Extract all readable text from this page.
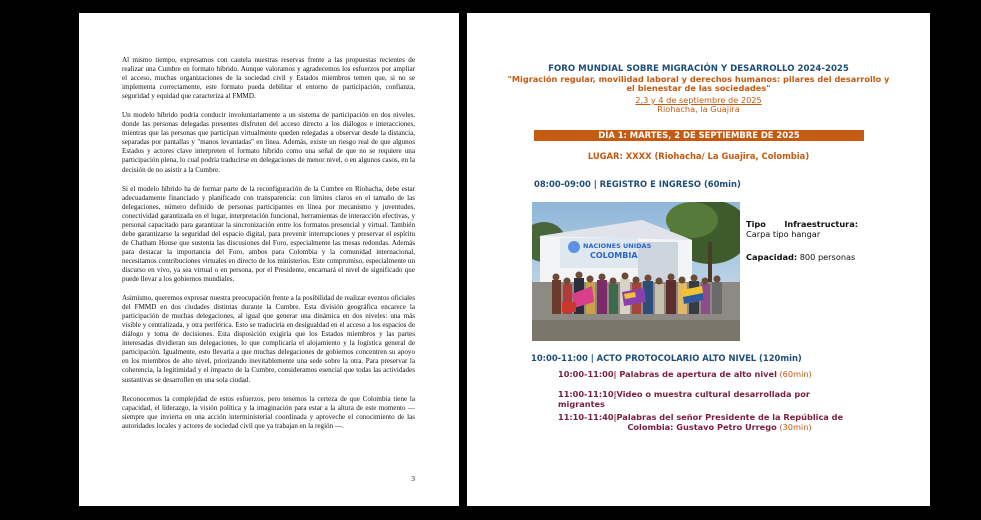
Al mismo tiempo, expresamos con cautela nuestras reservas frente a las propuestas recientes de realizar una Cumbre en formato híbrido. Aunque valoramos y agradecemos los esfuerzos por ampliar el acceso, muchas organizaciones de la sociedad civil y Estados miembros temen que, si no se implementa correctamente, este formato pueda debilitar el entorno de participación, confianza, seguridad y equidad que caracteriza al FMMD.

Un modelo híbrido podría conducir involuntariamente a un sistema de participación en dos niveles, donde las personas delegadas presentes disfruten del acceso directo a los diálogos e interacciones, mientras que las personas que participan virtualmente queden relegadas a observar desde la distancia, separadas por pantallas y "manos levantadas" en línea. Además, existe un riesgo real de que algunos Estados y actores clave interpreten el formato híbrido como una señal de que no se requiere una participación plena, lo cual podría traducirse en delegaciones de menor nivel, o en algunos casos, en la decisión de no asistir a la Cumbre.

Si el modelo híbrido ha de formar parte de la reconfiguración de la Cumbre en Riohacha, debe estar adecuadamente financiado y planificado con transparencia: con límites claros en el tamaño de las delegaciones, número definido de personas participantes en línea por mecanismo y juventudes, conectividad garantizada en el lugar, interpretación funcional, herramientas de interacción efectivas, y personal capacitado para garantizar la sincronización entre los formatos presencial y virtual. También debe garantizarse la seguridad del espacio digital, para prevenir interrupciones y preservar el espíritu de Chatham House que sustenta las discusiones del Foro, especialmente las mesas redondas. Además para destacar la importancia del Foro, ambos para Colombia y la comunidad internacional, necesitamos contribuciones virtuales en directo de los ministerios. Este compromiso, especialmente un discurso en vivo, ya sea virtual o en persona, por el Presidente, encarnará el nivel de significado que puede llevar a los gobiernos mundiales.

Asimismo, queremos expresar nuestra preocupación frente a la posibilidad de realizar eventos oficiales del FMMD en dos ciudades distintas durante la Cumbre. Esta división geográfica encarece la participación de muchas delegaciones, al igual que generar una dinámica en dos niveles: una más visible y centralizada, y otra periférica. Esto se traduciría en desigualdad en el acceso a los espacios de diálogo y toma de decisiones. Esta disposición exigiría que los Estados miembros y las partes interesadas dividieran sus delegaciones, lo que complicaría el alojamiento y la logística general de participación. Igualmente, esto llevaría a que muchas delegaciones de gobiernos concentren su apoyo en los miembros de alto nivel, priorizando inevitablemente una sede sobre la otra. Para preservar la coherencia, la legitimidad y el impacto de la Cumbre, consideramos esencial que todas las actividades sustantivas se desarrollen en una sola ciudad.

Reconocemos la complejidad de estos esfuerzos, pero tenemos la certeza de que Colombia tiene la capacidad, el liderazgo, la visión política y la imaginación para estar a la altura de este momento — siempre que invierta en una acción interministerial coordinada y aproveche el conocimiento de las autoridades locales y actores de sociedad civil que ya trabajan en la región —.

3
FORO MUNDIAL SOBRE MIGRACIÓN Y DESARROLLO 2024-2025
"Migración regular, movilidad laboral y derechos humanos: pilares del desarrollo y el bienestar de las sociedades"
2,3 y 4 de septiembre de 2025
Riohacha, la Guajira
DÍA 1: MARTES, 2 DE SEPTIEMBRE DE 2025
LUGAR: XXXX (Riohacha/ La Guajira, Colombia)
08:00-09:00 | REGISTRO E INGRESO (60min)
NACIONES UNIDAS
COLOMBIA
Tipo Infraestructura:
Carpa tipo hangar
Capacidad: 800 personas
10:00-11:00 | ACTO PROTOCOLARIO ALTO NIVEL (120min)
10:00-11:00| Palabras de apertura de alto nivel (60min)
11:00-11:10|Video o muestra cultural desarrollada por migrantes
11:10-11:40|Palabras del señor Presidente de la República de
Colombia: Gustavo Petro Urrego (30min)
